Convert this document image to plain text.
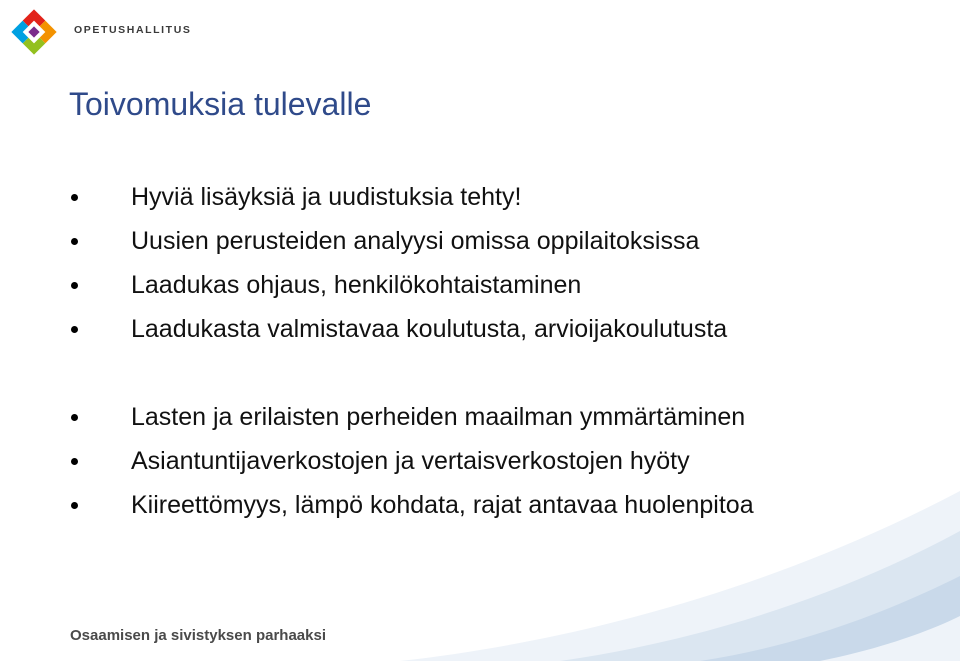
OPETUSHALLITUS
Toivomuksia tulevalle
Hyviä lisäyksiä ja uudistuksia tehty!
Uusien perusteiden analyysi omissa oppilaitoksissa
Laadukas ohjaus, henkilökohtaistaminen
Laadukasta valmistavaa koulutusta, arvioijakoulutusta
Lasten ja erilaisten perheiden maailman ymmärtäminen
Asiantuntijaverkostojen ja vertaisverkostojen hyöty
Kiireettömyys, lämpö kohdata, rajat antavaa huolenpitoa
Osaamisen ja sivistyksen parhaaksi
